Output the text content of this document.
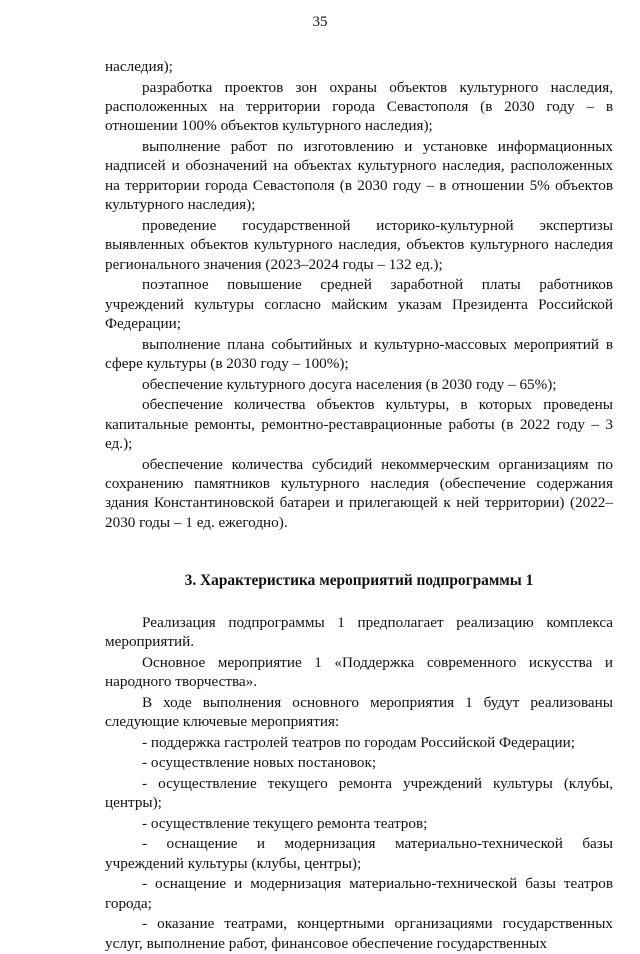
35

наследия);

разработка проектов зон охраны объектов культурного наследия, расположенных на территории города Севастополя (в 2030 году – в отношении 100% объектов культурного наследия);

выполнение работ по изготовлению и установке информационных надписей и обозначений на объектах культурного наследия, расположенных на территории города Севастополя (в 2030 году – в отношении 5% объектов культурного наследия);

проведение государственной историко-культурной экспертизы выявленных объектов культурного наследия, объектов культурного наследия регионального значения (2023–2024 годы – 132 ед.);

поэтапное повышение средней заработной платы работников учреждений культуры согласно майским указам Президента Российской Федерации;

выполнение плана событийных и культурно-массовых мероприятий в сфере культуры (в 2030 году – 100%);

обеспечение культурного досуга населения (в 2030 году – 65%);

обеспечение количества объектов культуры, в которых проведены капитальные ремонты, ремонтно-реставрационные работы (в 2022 году – 3 ед.);

обеспечение количества субсидий некоммерческим организациям по сохранению памятников культурного наследия (обеспечение содержания здания Константиновской батареи и прилегающей к ней территории) (2022–2030 годы – 1 ед. ежегодно).

3. Характеристика мероприятий подпрограммы 1

Реализация подпрограммы 1 предполагает реализацию комплекса мероприятий.

Основное мероприятие 1 «Поддержка современного искусства и народного творчества».

В ходе выполнения основного мероприятия 1 будут реализованы следующие ключевые мероприятия:

- поддержка гастролей театров по городам Российской Федерации;

- осуществление новых постановок;

- осуществление текущего ремонта учреждений культуры (клубы, центры);

- осуществление текущего ремонта театров;

- оснащение и модернизация материально-технической базы учреждений культуры (клубы, центры);

- оснащение и модернизация материально-технической базы театров города;

- оказание театрами, концертными организациями государственных услуг, выполнение работ, финансовое обеспечение государственных
